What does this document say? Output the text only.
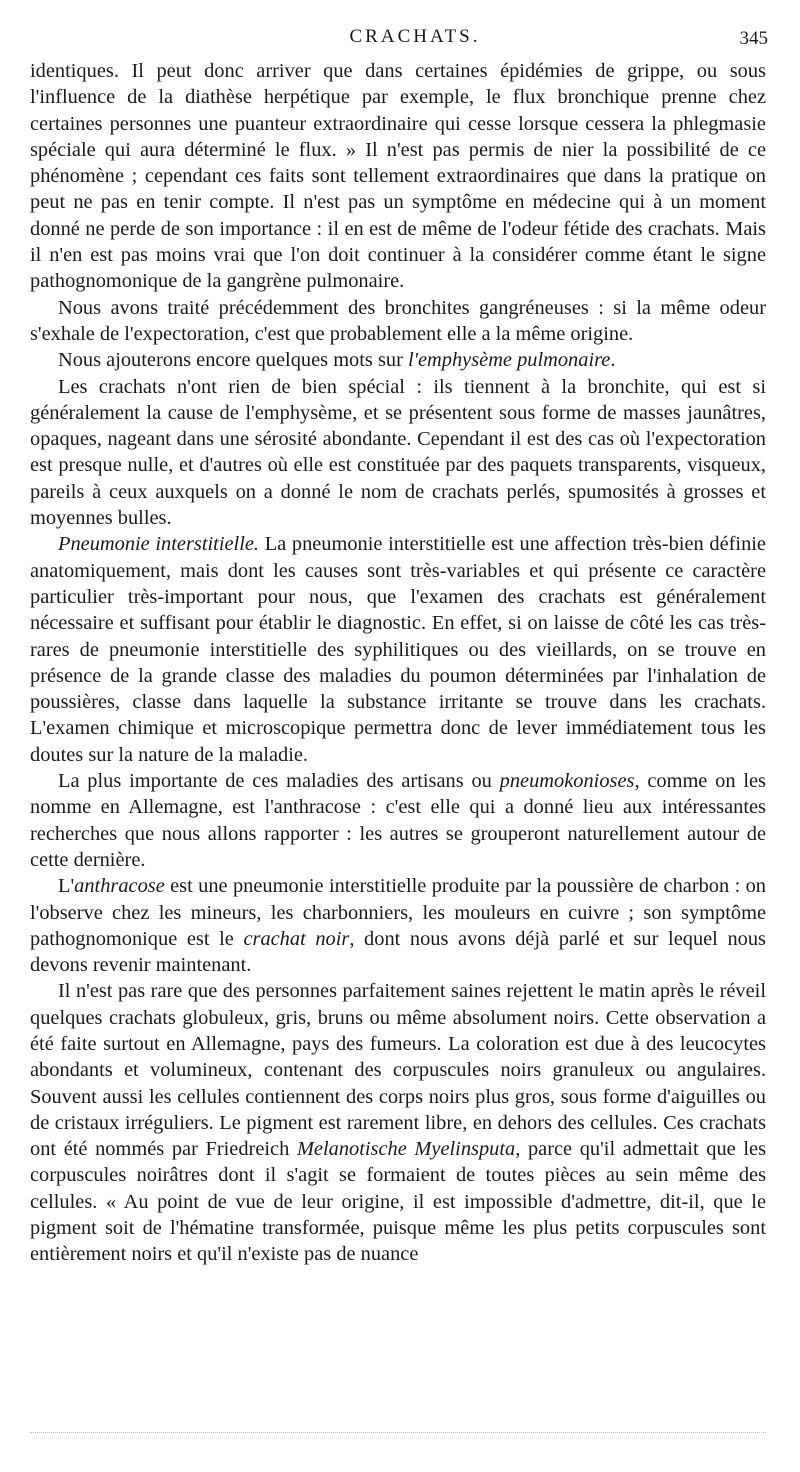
CRACHATS.	345

identiques. Il peut donc arriver que dans certaines épidémies de grippe, ou sous l'influence de la diathèse herpétique par exemple, le flux bronchique prenne chez certaines personnes une puanteur extraordinaire qui cesse lorsque cessera la phlegmasie spéciale qui aura déterminé le flux. » Il n'est pas permis de nier la possibilité de ce phénomène ; cependant ces faits sont tellement extraordinaires que dans la pratique on peut ne pas en tenir compte. Il n'est pas un symptôme en médecine qui à un moment donné ne perde de son importance : il en est de même de l'odeur fétide des crachats. Mais il n'en est pas moins vrai que l'on doit continuer à la considérer comme étant le signe pathognomonique de la gangrène pulmonaire.

Nous avons traité précédemment des bronchites gangréneuses : si la même odeur s'exhale de l'expectoration, c'est que probablement elle a la même origine.

Nous ajouterons encore quelques mots sur l'emphysème pulmonaire.

Les crachats n'ont rien de bien spécial : ils tiennent à la bronchite, qui est si généralement la cause de l'emphysème, et se présentent sous forme de masses jaunâtres, opaques, nageant dans une sérosité abondante. Cependant il est des cas où l'expectoration est presque nulle, et d'autres où elle est constituée par des paquets transparents, visqueux, pareils à ceux auxquels on a donné le nom de crachats perlés, spumosités à grosses et moyennes bulles.

Pneumonie interstitielle. La pneumonie interstitielle est une affection très-bien définie anatomiquement, mais dont les causes sont très-variables et qui présente ce caractère particulier très-important pour nous, que l'examen des crachats est généralement nécessaire et suffisant pour établir le diagnostic. En effet, si on laisse de côté les cas très-rares de pneumonie interstitielle des syphilitiques ou des vieillards, on se trouve en présence de la grande classe des maladies du poumon déterminées par l'inhalation de poussières, classe dans laquelle la substance irritante se trouve dans les crachats. L'examen chimique et microscopique permettra donc de lever immédiatement tous les doutes sur la nature de la maladie.

La plus importante de ces maladies des artisans ou pneumokonioses, comme on les nomme en Allemagne, est l'anthracose : c'est elle qui a donné lieu aux intéressantes recherches que nous allons rapporter : les autres se grouperont naturellement autour de cette dernière.

L'anthracose est une pneumonie interstitielle produite par la poussière de charbon : on l'observe chez les mineurs, les charbonniers, les mouleurs en cuivre ; son symptôme pathognomonique est le crachat noir, dont nous avons déjà parlé et sur lequel nous devons revenir maintenant.

Il n'est pas rare que des personnes parfaitement saines rejettent le matin après le réveil quelques crachats globuleux, gris, bruns ou même absolument noirs. Cette observation a été faite surtout en Allemagne, pays des fumeurs. La coloration est due à des leucocytes abondants et volumineux, contenant des corpuscules noirs granuleux ou angulaires. Souvent aussi les cellules contiennent des corps noirs plus gros, sous forme d'aiguilles ou de cristaux irréguliers. Le pigment est rarement libre, en dehors des cellules. Ces crachats ont été nommés par Friedreich Melanotische Myelinsputa, parce qu'il admettait que les corpuscules noirâtres dont il s'agit se formaient de toutes pièces au sein même des cellules. « Au point de vue de leur origine, il est impossible d'admettre, dit-il, que le pigment soit de l'hématine transformée, puisque même les plus petits corpuscules sont entièrement noirs et qu'il n'existe pas de nuance
